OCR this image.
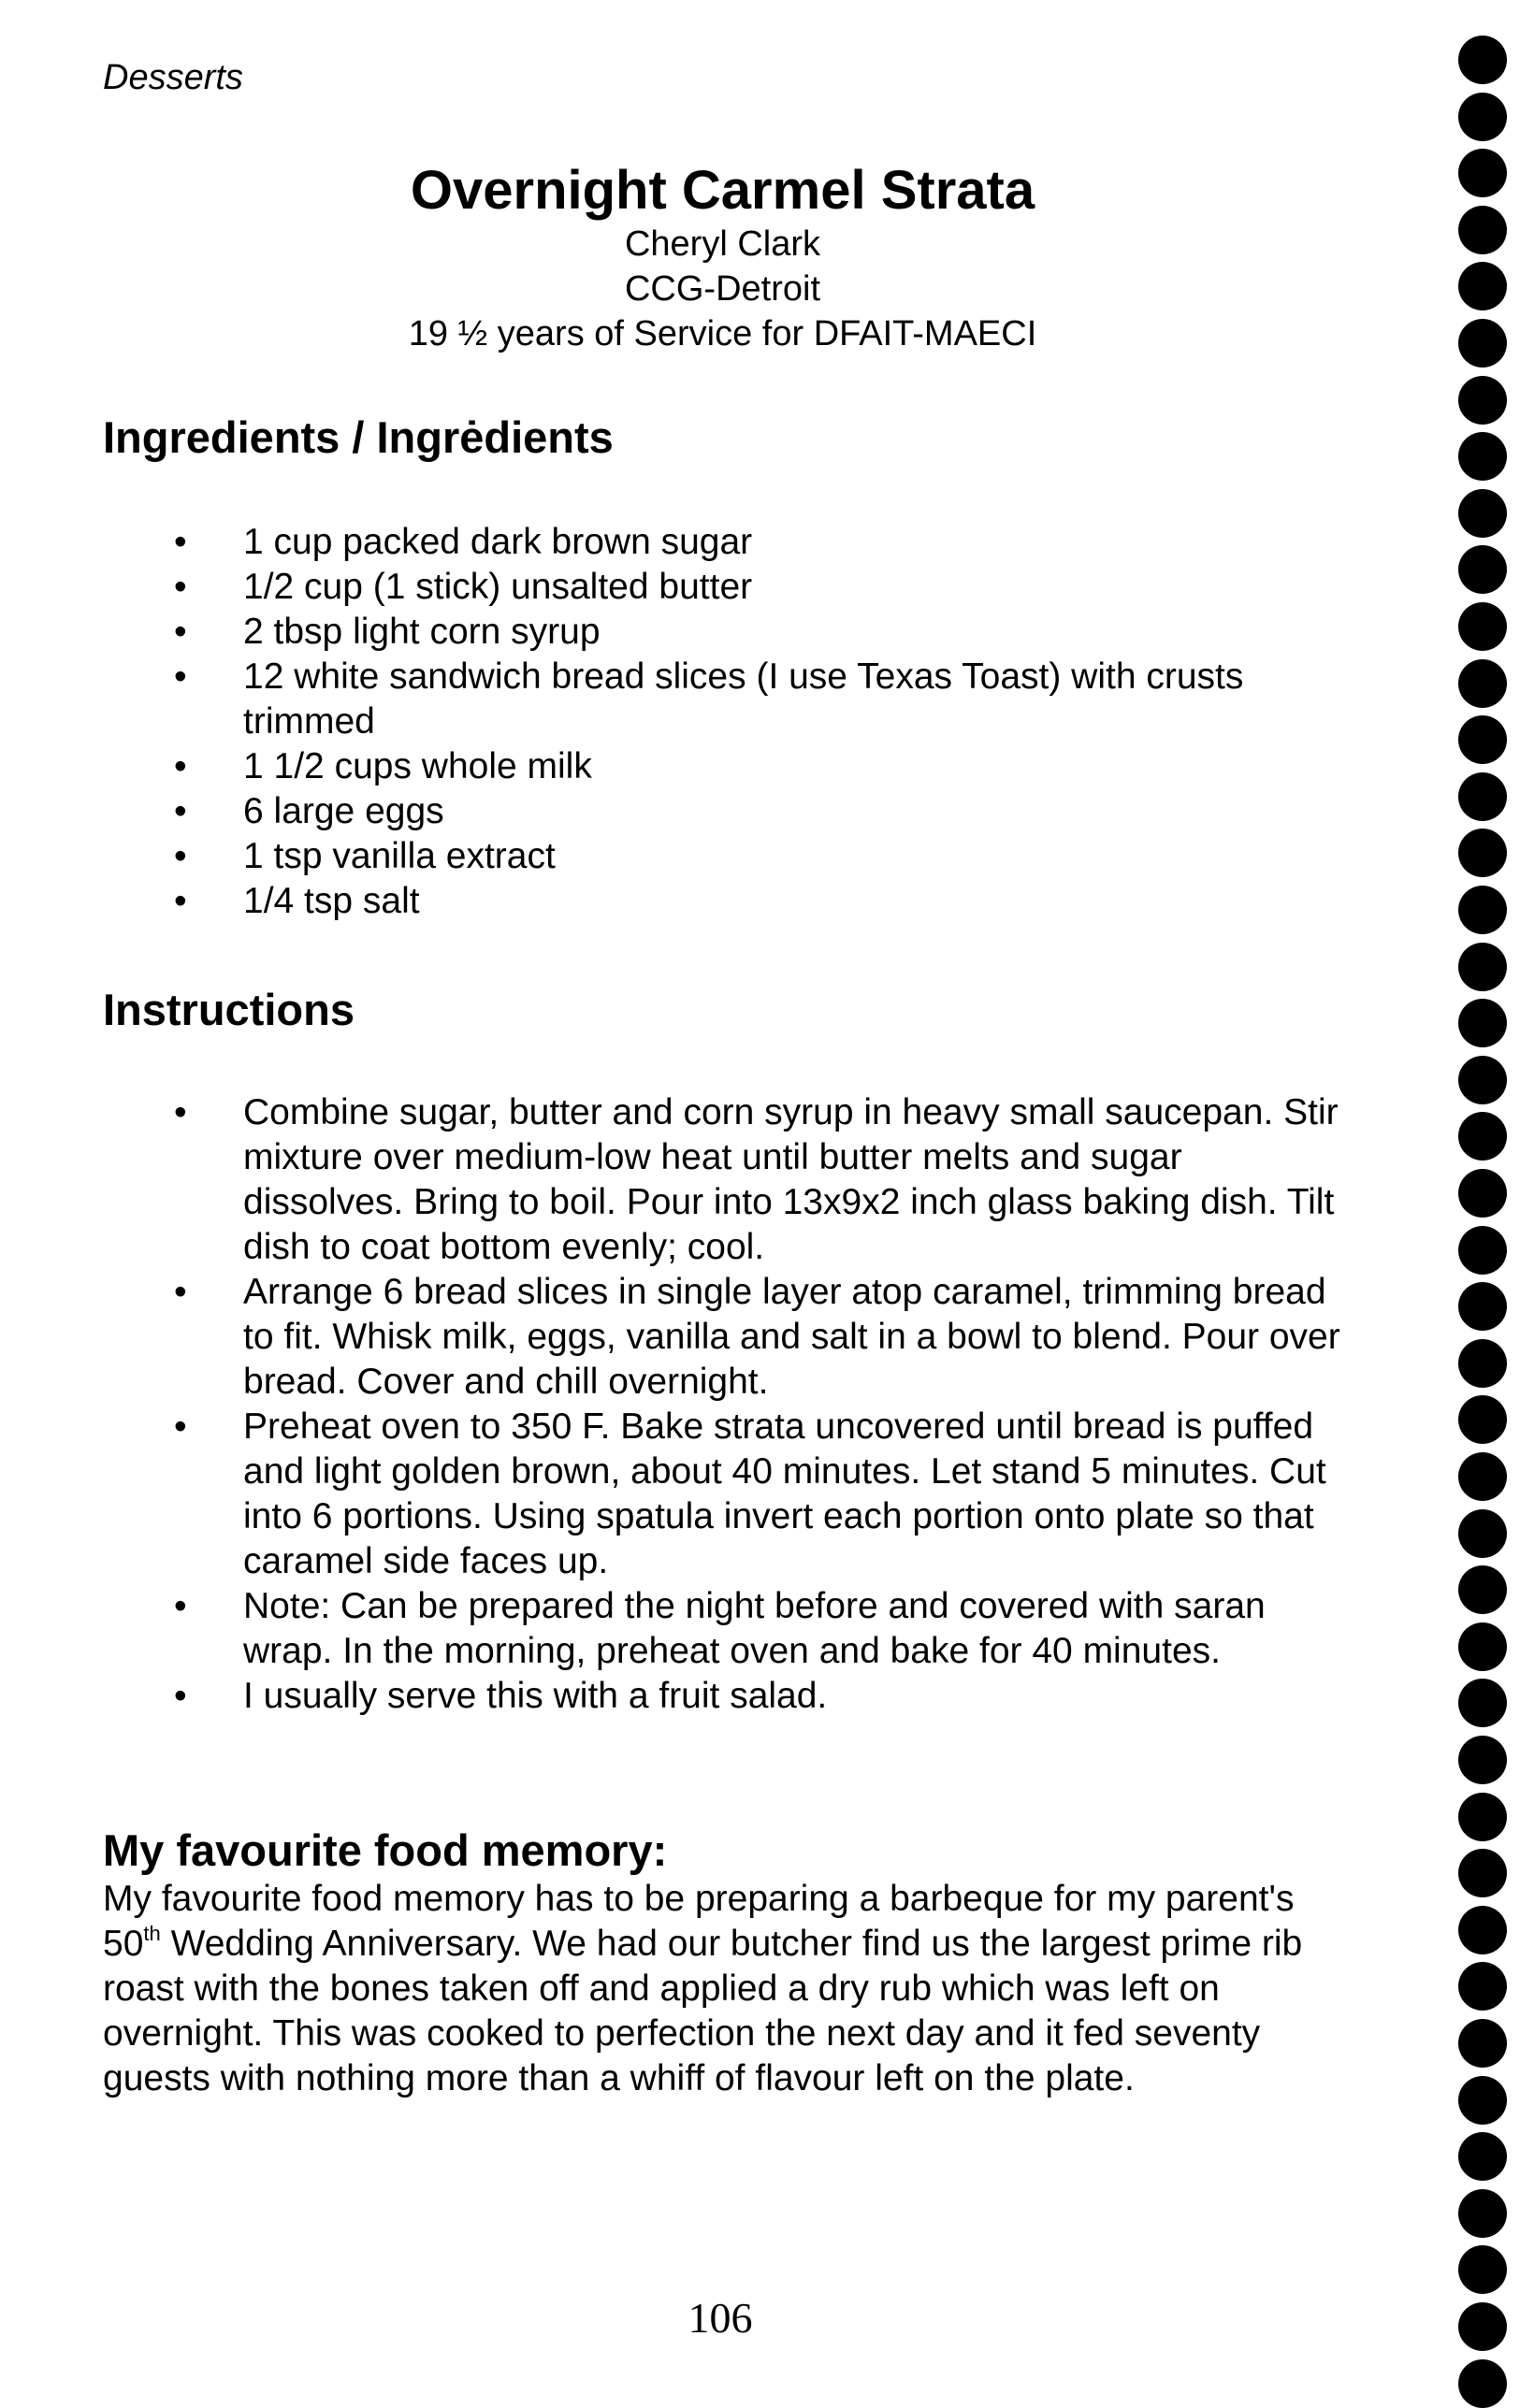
Desserts
Overnight Carmel Strata
Cheryl Clark
CCG-Detroit
19 ½ years of Service for DFAIT-MAECI
Ingredients / Ingrėdients
• 1 cup packed dark brown sugar
• 1/2 cup (1 stick) unsalted butter
• 2 tbsp light corn syrup
• 12 white sandwich bread slices (I use Texas Toast) with crusts trimmed
• 1 1/2 cups whole milk
• 6 large eggs
• 1 tsp vanilla extract
• 1/4 tsp salt
Instructions
• Combine sugar, butter and corn syrup in heavy small saucepan. Stir mixture over medium-low heat until butter melts and sugar dissolves. Bring to boil. Pour into 13x9x2 inch glass baking dish. Tilt dish to coat bottom evenly; cool.
• Arrange 6 bread slices in single layer atop caramel, trimming bread to fit. Whisk milk, eggs, vanilla and salt in a bowl to blend. Pour over bread. Cover and chill overnight.
• Preheat oven to 350 F. Bake strata uncovered until bread is puffed and light golden brown, about 40 minutes. Let stand 5 minutes. Cut into 6 portions. Using spatula invert each portion onto plate so that caramel side faces up.
• Note: Can be prepared the night before and covered with saran wrap. In the morning, preheat oven and bake for 40 minutes.
• I usually serve this with a fruit salad.
My favourite food memory:

My favourite food memory has to be preparing a barbeque for my parent's 50th Wedding Anniversary. We had our butcher find us the largest prime rib roast with the bones taken off and applied a dry rub which was left on overnight. This was cooked to perfection the next day and it fed seventy guests with nothing more than a whiff of flavour left on the plate.

106
